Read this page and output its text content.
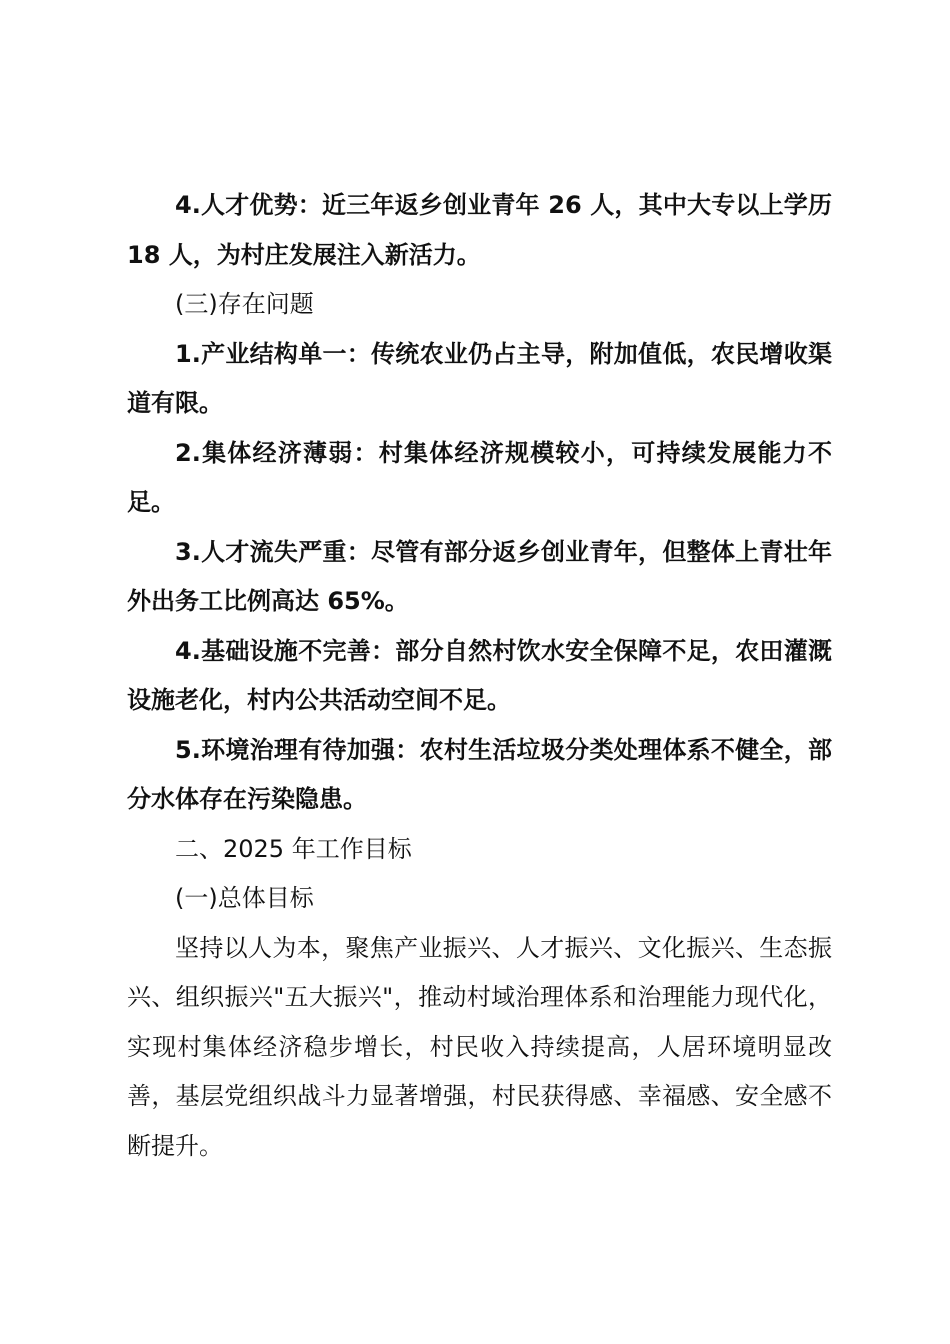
4.人才优势：近三年返乡创业青年 26 人，其中大专以上学历 18 人，为村庄发展注入新活力。

(三)存在问题

1.产业结构单一：传统农业仍占主导，附加值低，农民增收渠道有限。

2.集体经济薄弱：村集体经济规模较小，可持续发展能力不足。

3.人才流失严重：尽管有部分返乡创业青年，但整体上青壮年外出务工比例高达 65%。

4.基础设施不完善：部分自然村饮水安全保障不足，农田灌溉设施老化，村内公共活动空间不足。

5.环境治理有待加强：农村生活垃圾分类处理体系不健全，部分水体存在污染隐患。

二、2025 年工作目标

(一)总体目标

坚持以人为本，聚焦产业振兴、人才振兴、文化振兴、生态振兴、组织振兴"五大振兴"，推动村域治理体系和治理能力现代化，实现村集体经济稳步增长，村民收入持续提高，人居环境明显改善，基层党组织战斗力显著增强，村民获得感、幸福感、安全感不断提升。
